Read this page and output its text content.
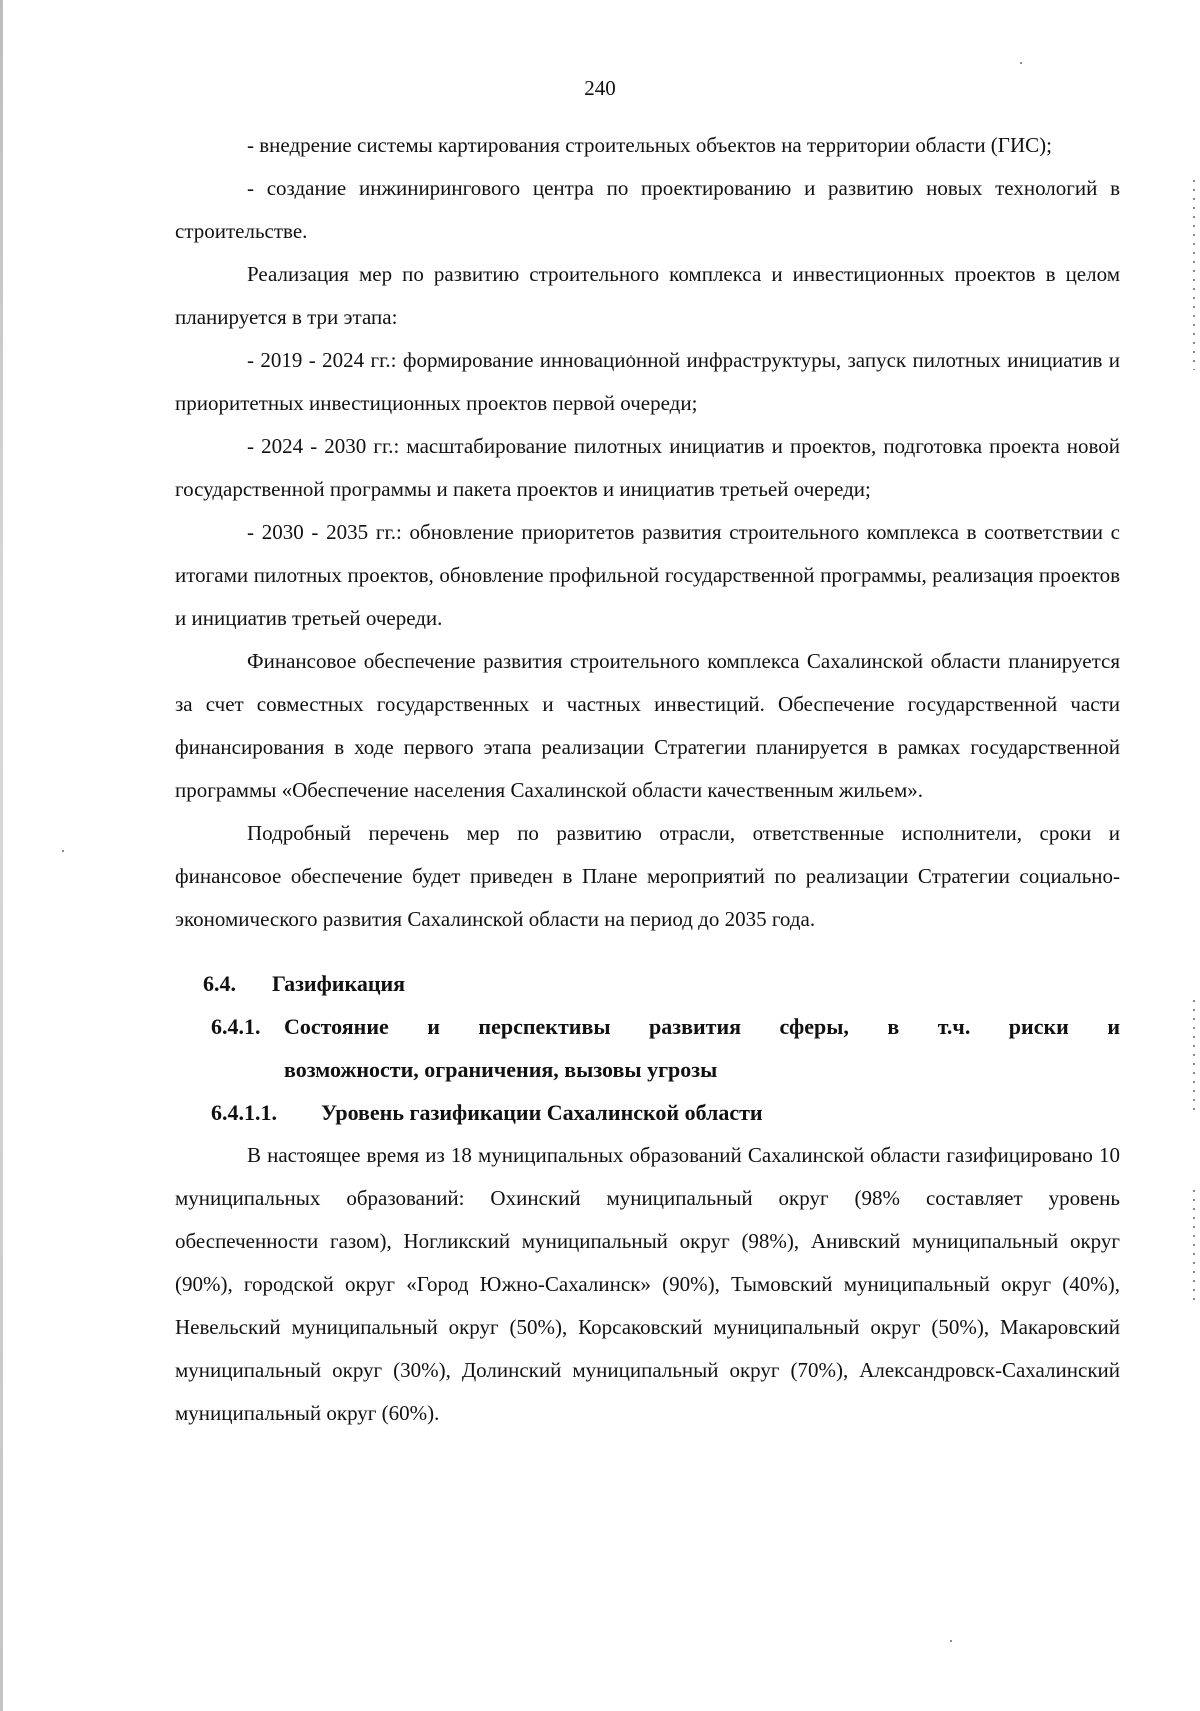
240

- внедрение системы картирования строительных объектов на территории области (ГИС);

- создание инжинирингового центра по проектированию и развитию новых технологий в строительстве.

Реализация мер по развитию строительного комплекса и инвестиционных проектов в целом планируется в три этапа:

- 2019 - 2024 гг.: формирование инновационной инфраструктуры, запуск пилотных инициатив и приоритетных инвестиционных проектов первой очереди;

- 2024 - 2030 гг.: масштабирование пилотных инициатив и проектов, подготовка проекта новой государственной программы и пакета проектов и инициатив третьей очереди;

- 2030 - 2035 гг.: обновление приоритетов развития строительного комплекса в соответствии с итогами пилотных проектов, обновление профильной государственной программы, реализация проектов и инициатив третьей очереди.

Финансовое обеспечение развития строительного комплекса Сахалинской области планируется за счет совместных государственных и частных инвестиций. Обеспечение государственной части финансирования в ходе первого этапа реализации Стратегии планируется в рамках государственной программы «Обеспечение населения Сахалинской области качественным жильем».

Подробный перечень мер по развитию отрасли, ответственные исполнители, сроки и финансовое обеспечение будет приведен в Плане мероприятий по реализации Стратегии социально-экономического развития Сахалинской области на период до 2035 года.

6.4.	Газификация
6.4.1.	Состояние и перспективы развития сферы, в т.ч. риски и
возможности, ограничения, вызовы угрозы
6.4.1.1.	Уровень газификации Сахалинской области

В настоящее время из 18 муниципальных образований Сахалинской области газифицировано 10 муниципальных образований: Охинский муниципальный округ (98% составляет уровень обеспеченности газом), Ногликский муниципальный округ (98%), Анивский муниципальный округ (90%), городской округ «Город Южно-Сахалинск» (90%), Тымовский муниципальный округ (40%), Невельский муниципальный округ (50%), Корсаковский муниципальный округ (50%), Макаровский муниципальный округ (30%), Долинский муниципальный округ (70%), Александровск-Сахалинский муниципальный округ (60%).
